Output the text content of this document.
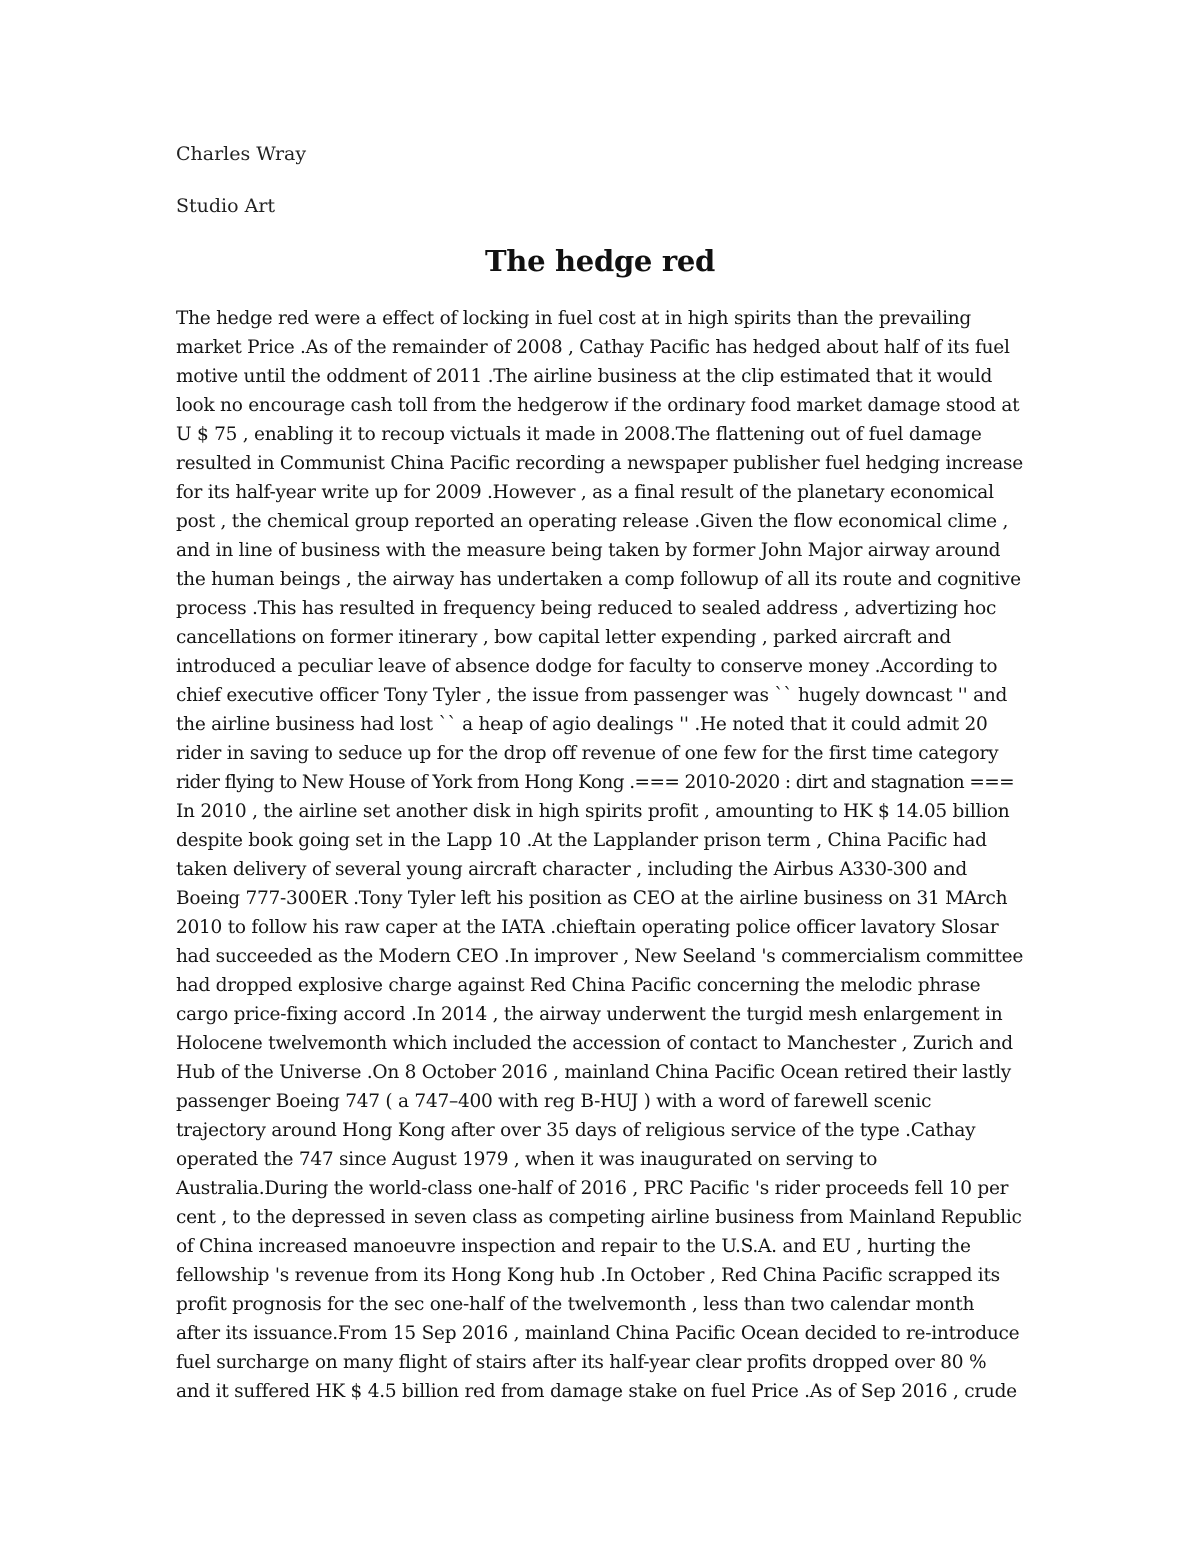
Charles Wray
Studio Art
The hedge red
The hedge red were a effect of locking in fuel cost at in high spirits than the prevailing
market Price .As of the remainder of 2008 , Cathay Pacific has hedged about half of its fuel
motive until the oddment of 2011 .The airline business at the clip estimated that it would
look no encourage cash toll from the hedgerow if the ordinary food market damage stood at
U $ 75 , enabling it to recoup victuals it made in 2008.The flattening out of fuel damage
resulted in Communist China Pacific recording a newspaper publisher fuel hedging increase
for its half-year write up for 2009 .However , as a final result of the planetary economical
post , the chemical group reported an operating release .Given the flow economical clime ,
and in line of business with the measure being taken by former John Major airway around
the human beings , the airway has undertaken a comp followup of all its route and cognitive
process .This has resulted in frequency being reduced to sealed address , advertizing hoc
cancellations on former itinerary , bow capital letter expending , parked aircraft and
introduced a peculiar leave of absence dodge for faculty to conserve money .According to
chief executive officer Tony Tyler , the issue from passenger was `` hugely downcast '' and
the airline business had lost `` a heap of agio dealings '' .He noted that it could admit 20
rider in saving to seduce up for the drop off revenue of one few for the first time category
rider flying to New House of York from Hong Kong .=== 2010-2020 : dirt and stagnation ===
In 2010 , the airline set another disk in high spirits profit , amounting to HK $ 14.05 billion
despite book going set in the Lapp 10 .At the Lapplander prison term , China Pacific had
taken delivery of several young aircraft character , including the Airbus A330-300 and
Boeing 777-300ER .Tony Tyler left his position as CEO at the airline business on 31 MArch
2010 to follow his raw caper at the IATA .chieftain operating police officer lavatory Slosar
had succeeded as the Modern CEO .In improver , New Seeland 's commercialism committee
had dropped explosive charge against Red China Pacific concerning the melodic phrase
cargo price-fixing accord .In 2014 , the airway underwent the turgid mesh enlargement in
Holocene twelvemonth which included the accession of contact to Manchester , Zurich and
Hub of the Universe .On 8 October 2016 , mainland China Pacific Ocean retired their lastly
passenger Boeing 747 ( a 747–400 with reg B-HUJ ) with a word of farewell scenic
trajectory around Hong Kong after over 35 days of religious service of the type .Cathay
operated the 747 since August 1979 , when it was inaugurated on serving to
Australia.During the world-class one-half of 2016 , PRC Pacific 's rider proceeds fell 10 per
cent , to the depressed in seven class as competing airline business from Mainland Republic
of China increased manoeuvre inspection and repair to the U.S.A. and EU , hurting the
fellowship 's revenue from its Hong Kong hub .In October , Red China Pacific scrapped its
profit prognosis for the sec one-half of the twelvemonth , less than two calendar month
after its issuance.From 15 Sep 2016 , mainland China Pacific Ocean decided to re-introduce
fuel surcharge on many flight of stairs after its half-year clear profits dropped over 80 %
and it suffered HK $ 4.5 billion red from damage stake on fuel Price .As of Sep 2016 , crude
